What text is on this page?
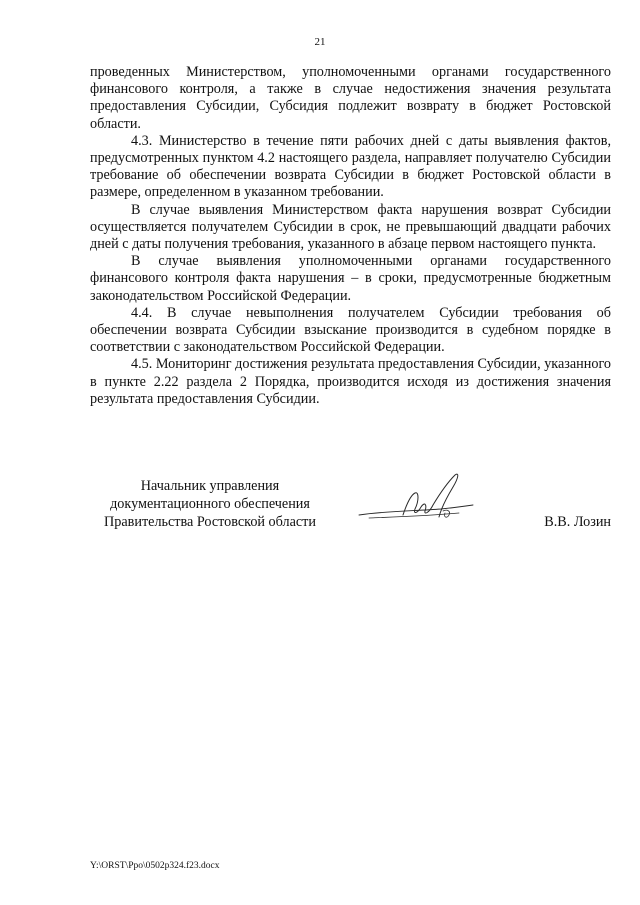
21

проведенных Министерством, уполномоченными органами государственного финансового контроля, а также в случае недостижения значения результата предоставления Субсидии, Субсидия подлежит возврату в бюджет Ростовской области.

4.3. Министерство в течение пяти рабочих дней с даты выявления фактов, предусмотренных пунктом 4.2 настоящего раздела, направляет получателю Субсидии требование об обеспечении возврата Субсидии в бюджет Ростовской области в размере, определенном в указанном требовании.

В случае выявления Министерством факта нарушения возврат Субсидии осуществляется получателем Субсидии в срок, не превышающий двадцати рабочих дней с даты получения требования, указанного в абзаце первом настоящего пункта.

В случае выявления уполномоченными органами государственного финансового контроля факта нарушения – в сроки, предусмотренные бюджетным законодательством Российской Федерации.

4.4. В случае невыполнения получателем Субсидии требования об обеспечении возврата Субсидии взыскание производится в судебном порядке в соответствии с законодательством Российской Федерации.

4.5. Мониторинг достижения результата предоставления Субсидии, указанного в пункте 2.22 раздела 2 Порядка, производится исходя из достижения значения результата предоставления Субсидии.

Начальник управления
документационного обеспечения
Правительства Ростовской области	В.В. Лозин
Y:\ORST\Ppo\0502p324.f23.docx
